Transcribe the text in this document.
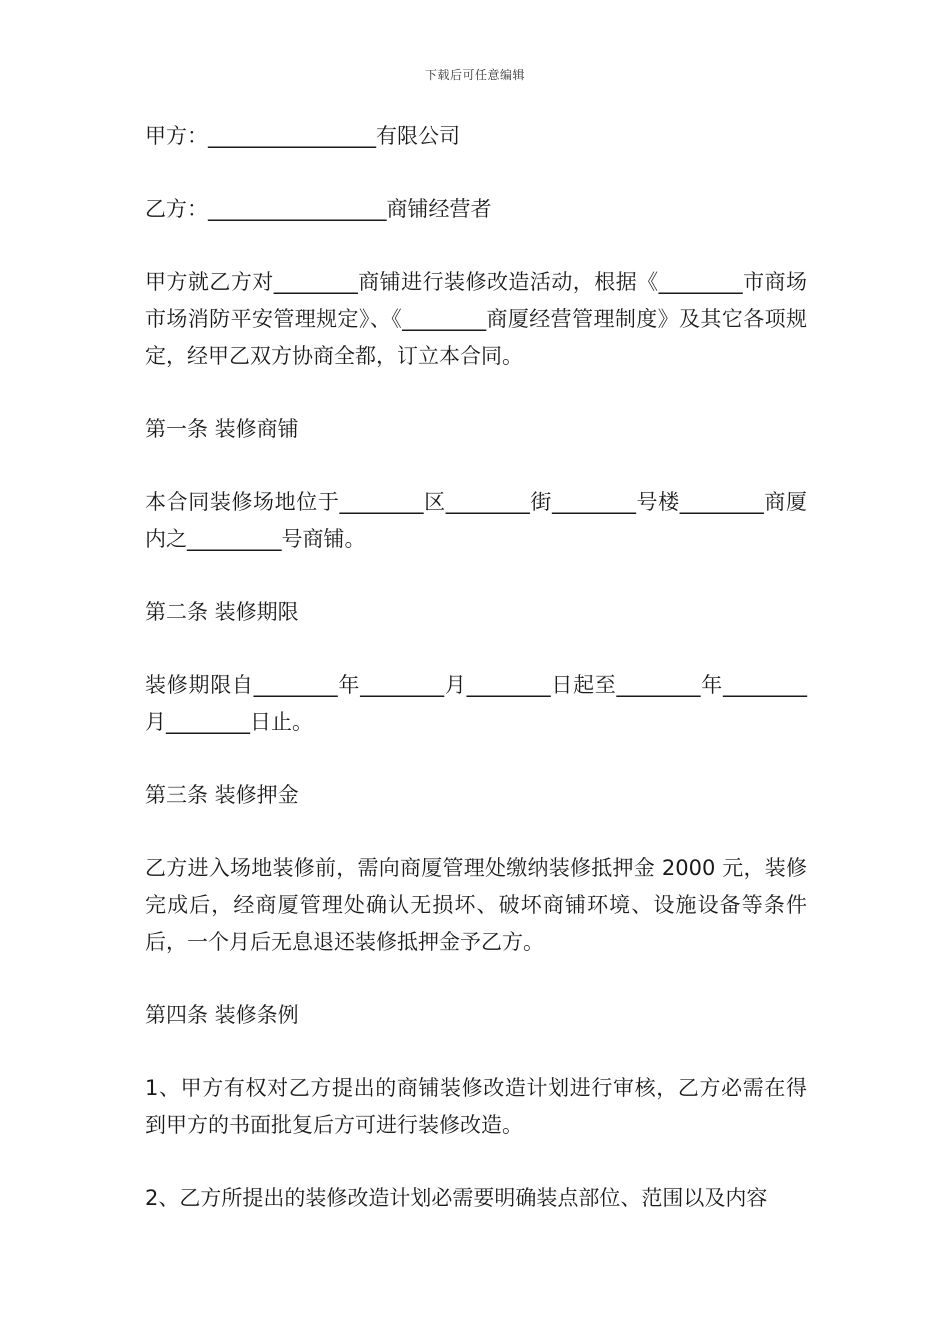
下载后可任意编辑

甲方：________________有限公司

乙方：_________________商铺经营者

甲方就乙方对________商铺进行装修改造活动，根据《________市商场市场消防平安管理规定》、《________商厦经营管理制度》及其它各项规定，经甲乙双方协商全都，订立本合同。

第一条 装修商铺

本合同装修场地位于________区________街________号楼________商厦内之_________号商铺。

第二条 装修期限

装修期限自________年________月________日起至________年________月________日止。

第三条 装修押金

乙方进入场地装修前，需向商厦管理处缴纳装修抵押金 2000 元，装修完成后，经商厦管理处确认无损坏、破坏商铺环境、设施设备等条件后，一个月后无息退还装修抵押金予乙方。

第四条 装修条例

1、甲方有权对乙方提出的商铺装修改造计划进行审核，乙方必需在得到甲方的书面批复后方可进行装修改造。

2、乙方所提出的装修改造计划必需要明确装点部位、范围以及内容
